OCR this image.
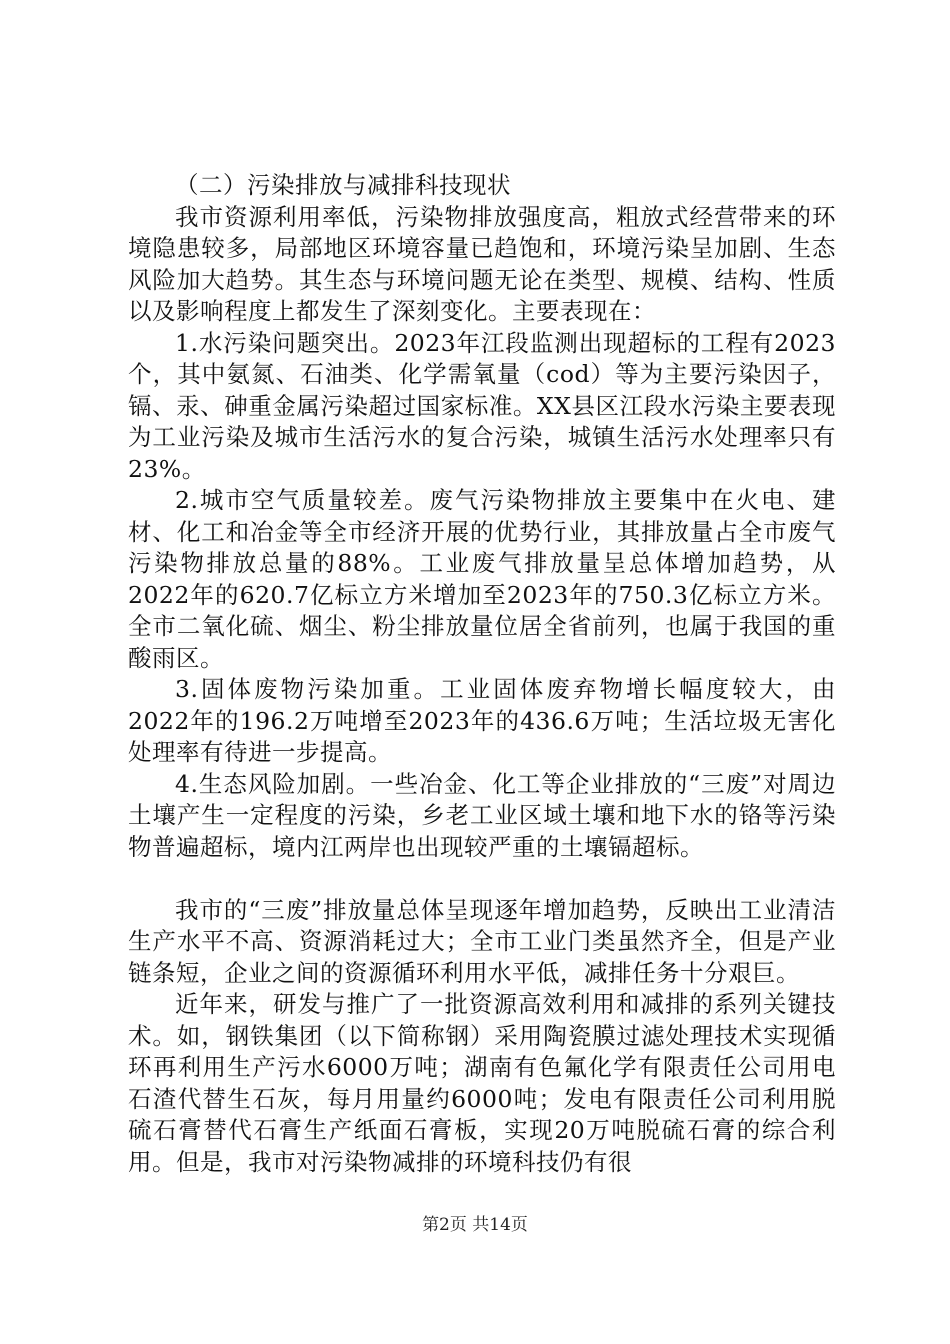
（二）污染排放与减排科技现状

我市资源利用率低，污染物排放强度高，粗放式经营带来的环境隐患较多，局部地区环境容量已趋饱和，环境污染呈加剧、生态风险加大趋势。其生态与环境问题无论在类型、规模、结构、性质以及影响程度上都发生了深刻变化。主要表现在：

1.水污染问题突出。2023年江段监测出现超标的工程有2023个，其中氨氮、石油类、化学需氧量（cod）等为主要污染因子，镉、汞、砷重金属污染超过国家标准。XX县区江段水污染主要表现为工业污染及城市生活污水的复合污染，城镇生活污水处理率只有23%。

2.城市空气质量较差。废气污染物排放主要集中在火电、建材、化工和冶金等全市经济开展的优势行业，其排放量占全市废气污染物排放总量的88%。工业废气排放量呈总体增加趋势，从2022年的620.7亿标立方米增加至2023年的750.3亿标立方米。全市二氧化硫、烟尘、粉尘排放量位居全省前列，也属于我国的重酸雨区。

3.固体废物污染加重。工业固体废弃物增长幅度较大，由2022年的196.2万吨增至2023年的436.6万吨；生活垃圾无害化处理率有待进一步提高。

4.生态风险加剧。一些冶金、化工等企业排放的“三废”对周边土壤产生一定程度的污染，乡老工业区域土壤和地下水的铬等污染物普遍超标，境内江两岸也出现较严重的土壤镉超标。

我市的“三废”排放量总体呈现逐年增加趋势，反映出工业清洁生产水平不高、资源消耗过大；全市工业门类虽然齐全，但是产业链条短，企业之间的资源循环利用水平低，减排任务十分艰巨。

近年来，研发与推广了一批资源高效利用和减排的系列关键技术。如，钢铁集团（以下简称钢）采用陶瓷膜过滤处理技术实现循环再利用生产污水6000万吨；湖南有色氟化学有限责任公司用电石渣代替生石灰，每月用量约6000吨；发电有限责任公司利用脱硫石膏替代石膏生产纸面石膏板，实现20万吨脱硫石膏的综合利用。但是，我市对污染物减排的环境科技仍有很

第2页 共14页
